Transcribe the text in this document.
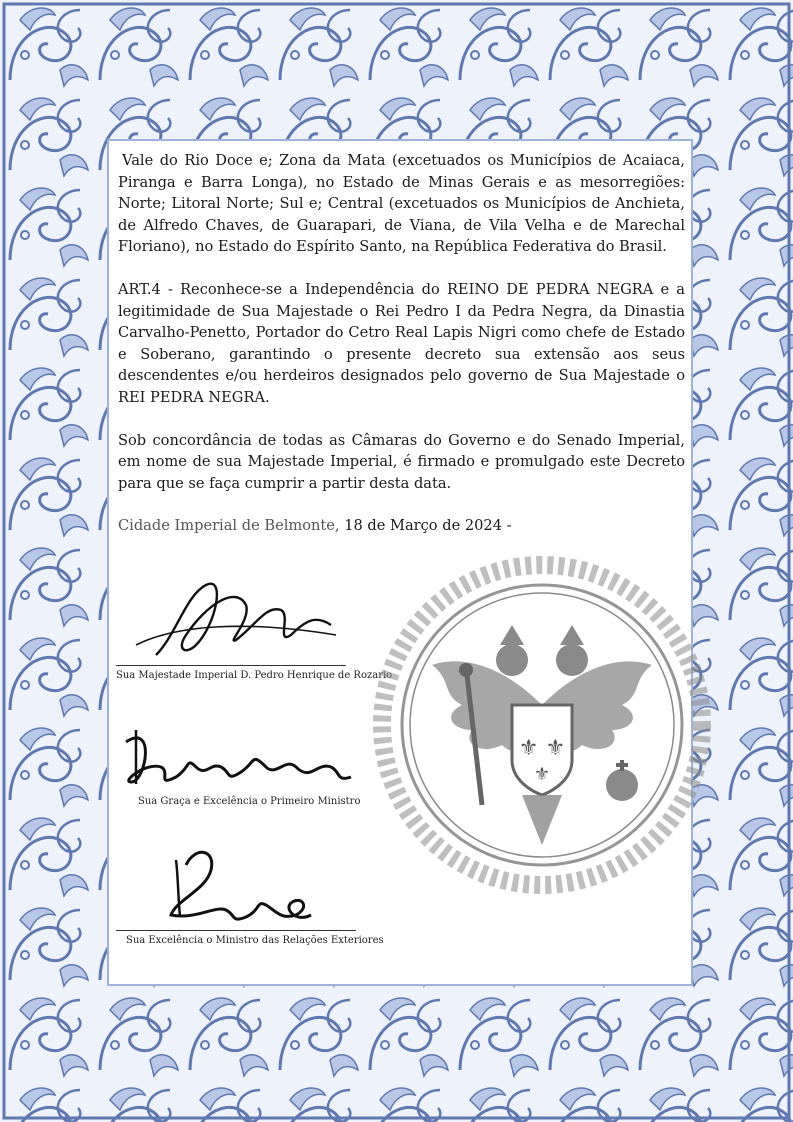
Vale do Rio Doce e; Zona da Mata (excetuados os Municípios de Acaiaca, Piranga e Barra Longa), no Estado de Minas Gerais e as mesorregiões: Norte; Litoral Norte; Sul e; Central (excetuados os Municípios de Anchieta, de Alfredo Chaves, de Guarapari, de Viana, de Vila Velha e de Marechal Floriano), no Estado do Espírito Santo, na República Federativa do Brasil.

ART.4 - Reconhece-se a Independência do REINO DE PEDRA NEGRA e a legitimidade de Sua Majestade o Rei Pedro I da Pedra Negra, da Dinastia Carvalho-Penetto, Portador do Cetro Real Lapis Nigri como chefe de Estado e Soberano, garantindo o presente decreto sua extensão aos seus descendentes e/ou herdeiros designados pelo governo de Sua Majestade o REI PEDRA NEGRA.

Sob concordância de todas as Câmaras do Governo e do Senado Imperial, em nome de sua Majestade Imperial, é firmado e promulgado este Decreto para que se faça cumprir a partir desta data.

Cidade Imperial de Belmonte, 18 de Março de 2024 -

Sua Majestade Imperial D. Pedro Henrique de Rozario
Sua Graça e Excelência o Primeiro Ministro
Sua Excelência o Ministro das Relações Exteriores
⚜ ⚜
⚜
